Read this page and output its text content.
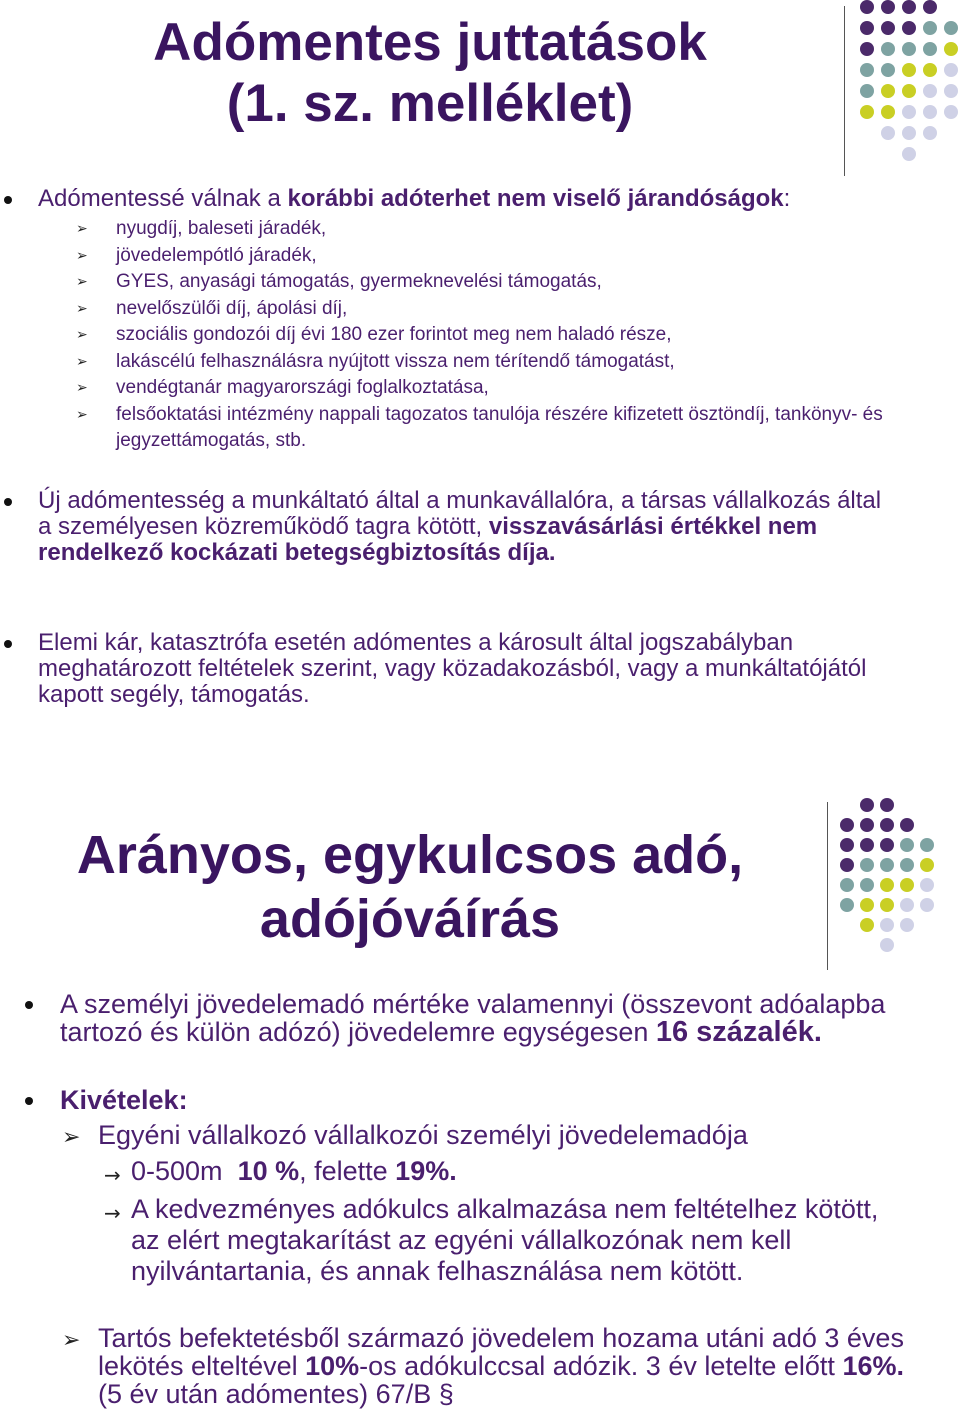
Adómentes juttatások
(1. sz. melléklet)
Adómentessé válnak a korábbi adóterhet nem viselő járandóságok:
➢ nyugdíj, baleseti járadék,
➢ jövedelempótló járadék,
➢ GYES, anyasági támogatás, gyermeknevelési támogatás,
➢ nevelőszülői díj, ápolási díj,
➢ szociális gondozói díj évi 180 ezer forintot meg nem haladó része,
➢ lakáscélú felhasználásra nyújtott vissza nem térítendő támogatást,
➢ vendégtanár magyarországi foglalkoztatása,
➢ felsőoktatási intézmény nappali tagozatos tanulója részére kifizetett ösztöndíj, tankönyv- és jegyzettámogatás, stb.
Új adómentesség a munkáltató által a munkavállalóra, a társas vállalkozás által a személyesen közreműködő tagra kötött, visszavásárlási értékkel nem rendelkező kockázati betegségbiztosítás díja.
Elemi kár, katasztrófa esetén adómentes a károsult által jogszabályban meghatározott feltételek szerint, vagy közadakozásból, vagy a munkáltatójától kapott segély, támogatás.
Arányos, egykulcsos adó,
adójóváírás
A személyi jövedelemadó mértéke valamennyi (összevont adóalapba tartozó és külön adózó) jövedelemre egységesen 16 százalék.
Kivételek:
➢ Egyéni vállalkozó vállalkozói személyi jövedelemadója
→ 0-500m  10 %, felette 19%.
→ A kedvezményes adókulcs alkalmazása nem feltételhez kötött, az elért megtakarítást az egyéni vállalkozónak nem kell nyilvántartania, és annak felhasználása nem kötött.
➢ Tartós befektetésből származó jövedelem hozama utáni adó 3 éves lekötés elteltével 10%-os adókulccsal adózik. 3 év letelte előtt 16%. (5 év után adómentes) 67/B §
